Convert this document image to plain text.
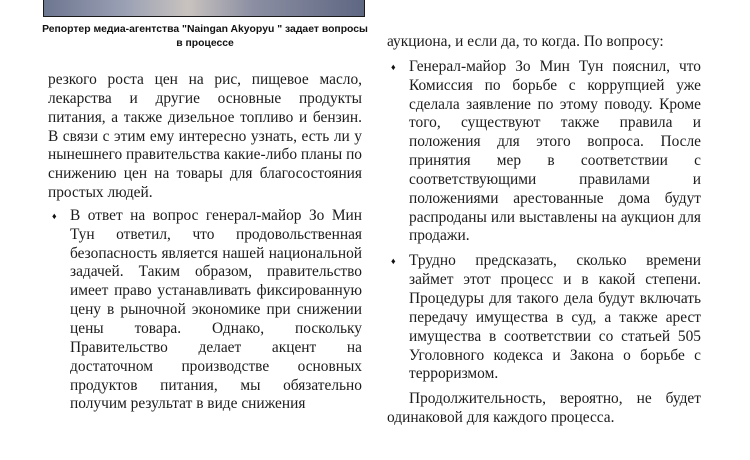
Репортер медиа-агентства "Naingan Akyopyu " задает вопросы в процессе

резкого роста цен на рис, пищевое масло, лекарства и другие основные продукты питания, а также дизельное топливо и бензин. В связи с этим ему интересно узнать, есть ли у нынешнего правительства какие-либо планы по снижению цен на товары для благосостояния простых людей.

♦ В ответ на вопрос генерал-майор Зо Мин Тун ответил, что продовольственная безопасность является нашей национальной задачей. Таким образом, правительство имеет право устанавливать фиксированную цену в рыночной экономике при снижении цены товара. Однако, поскольку Правительство делает акцент на достаточном производстве основных продуктов питания, мы обязательно получим результат в виде снижения

аукциона, и если да, то когда. По вопросу:

♦ Генерал-майор Зо Мин Тун пояснил, что Комиссия по борьбе с коррупцией уже сделала заявление по этому поводу. Кроме того, существуют также правила и положения для этого вопроса. После принятия мер в соответствии с соответствующими правилами и положениями арестованные дома будут распроданы или выставлены на аукцион для продажи.
♦ Трудно предсказать, сколько времени займет этот процесс и в какой степени. Процедуры для такого дела будут включать передачу имущества в суд, а также арест имущества в соответствии со статьей 505 Уголовного кодекса и Закона о борьбе с терроризмом.

Продолжительность, вероятно, не будет одинаковой для каждого процесса.
